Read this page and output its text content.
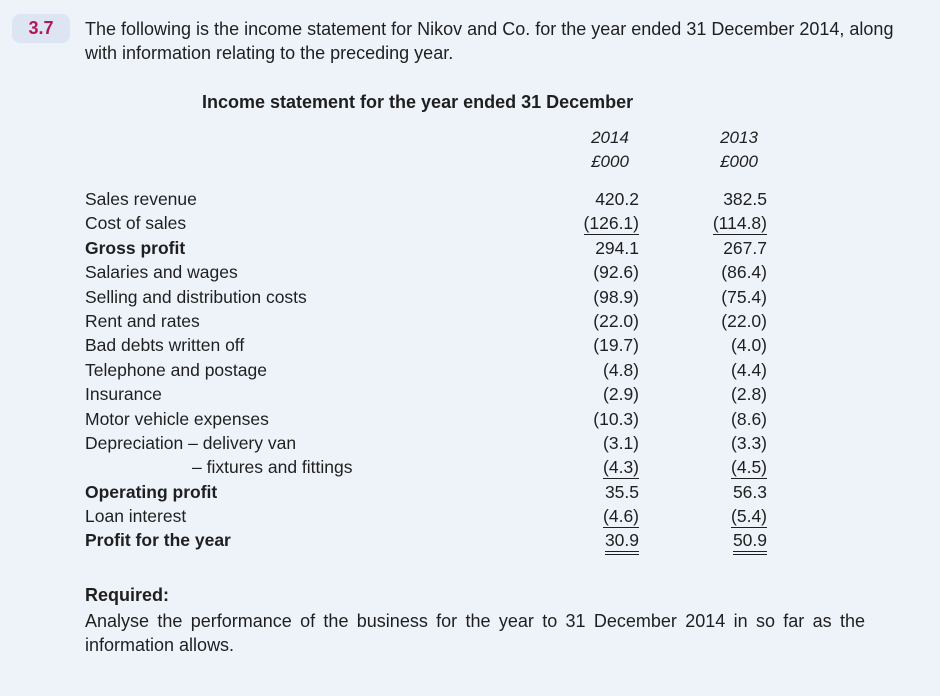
3.7	The following is the income statement for Nikov and Co. for the year ended 31 December 2014, along with information relating to the preceding year.
Income statement for the year ended 31 December
2014
£000
2013
£000
Sales revenue	420.2	382.5
Cost of sales	(126.1)	(114.8)
Gross profit	294.1	267.7
Salaries and wages	(92.6)	(86.4)
Selling and distribution costs	(98.9)	(75.4)
Rent and rates	(22.0)	(22.0)
Bad debts written off	(19.7)	(4.0)
Telephone and postage	(4.8)	(4.4)
Insurance	(2.9)	(2.8)
Motor vehicle expenses	(10.3)	(8.6)
Depreciation – delivery van	(3.1)	(3.3)
– fixtures and fittings	(4.3)	(4.5)
Operating profit	35.5	56.3
Loan interest	(4.6)	(5.4)
Profit for the year	30.9	50.9
Required:
Analyse the performance of the business for the year to 31 December 2014 in so far as the information allows.
